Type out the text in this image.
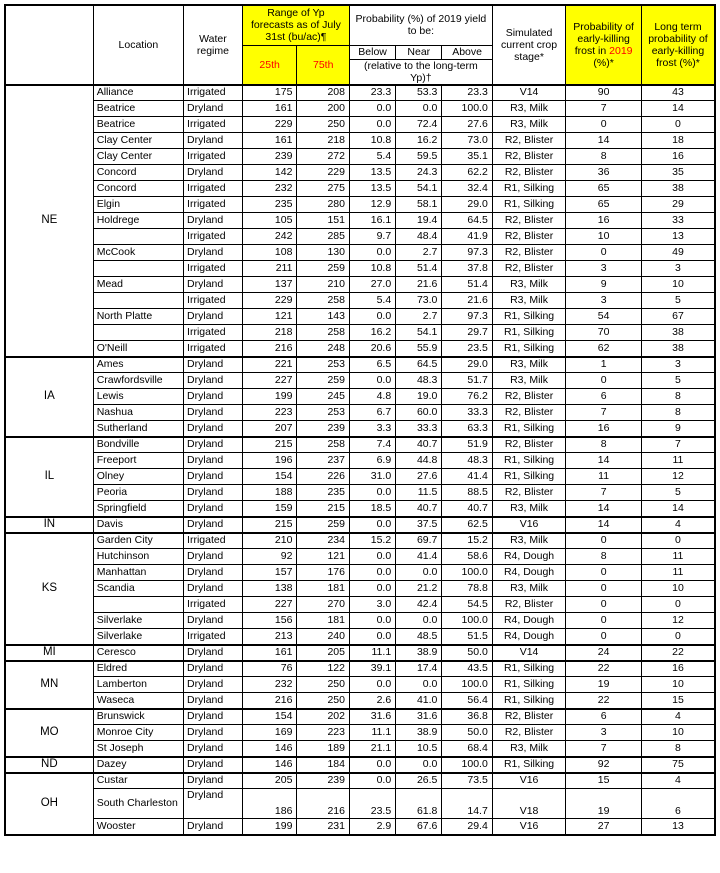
	Location	Water regime	Range of Yp forecasts as of July 31st (bu/ac)¶		Probability (%) of 2019 yield to be:			Simulated current crop stage*	Probability of early-killing frost in 2019 (%)*	Long term probability of early-killing frost (%)*
			25th	75th	Below	Near	Above			
					(relative to the long-term Yp)†					
NE	Alliance	Irrigated	175	208	23.3	53.3	23.3	V14	90	43
	Beatrice	Dryland	161	200	0.0	0.0	100.0	R3, Milk	7	14
	Beatrice	Irrigated	229	250	0.0	72.4	27.6	R3, Milk	0	0
	Clay Center	Dryland	161	218	10.8	16.2	73.0	R2, Blister	14	18
	Clay Center	Irrigated	239	272	5.4	59.5	35.1	R2, Blister	8	16
	Concord	Dryland	142	229	13.5	24.3	62.2	R2, Blister	36	35
	Concord	Irrigated	232	275	13.5	54.1	32.4	R1, Silking	65	38
	Elgin	Irrigated	235	280	12.9	58.1	29.0	R1, Silking	65	29
	Holdrege	Dryland	105	151	16.1	19.4	64.5	R2, Blister	16	33
		Irrigated	242	285	9.7	48.4	41.9	R2, Blister	10	13
	McCook	Dryland	108	130	0.0	2.7	97.3	R2, Blister	0	49
		Irrigated	211	259	10.8	51.4	37.8	R2, Blister	3	3
	Mead	Dryland	137	210	27.0	21.6	51.4	R3, Milk	9	10
		Irrigated	229	258	5.4	73.0	21.6	R3, Milk	3	5
	North Platte	Dryland	121	143	0.0	2.7	97.3	R1, Silking	54	67
		Irrigated	218	258	16.2	54.1	29.7	R1, Silking	70	38
	O'Neill	Irrigated	216	248	20.6	55.9	23.5	R1, Silking	62	38
IA	Ames	Dryland	221	253	6.5	64.5	29.0	R3, Milk	1	3
	Crawfordsville	Dryland	227	259	0.0	48.3	51.7	R3, Milk	0	5
	Lewis	Dryland	199	245	4.8	19.0	76.2	R2, Blister	6	8
	Nashua	Dryland	223	253	6.7	60.0	33.3	R2, Blister	7	8
	Sutherland	Dryland	207	239	3.3	33.3	63.3	R1, Silking	16	9
IL	Bondville	Dryland	215	258	7.4	40.7	51.9	R2, Blister	8	7
	Freeport	Dryland	196	237	6.9	44.8	48.3	R1, Silking	14	11
	Olney	Dryland	154	226	31.0	27.6	41.4	R1, Silking	11	12
	Peoria	Dryland	188	235	0.0	11.5	88.5	R2, Blister	7	5
	Springfield	Dryland	159	215	18.5	40.7	40.7	R3, Milk	14	14
IN	Davis	Dryland	215	259	0.0	37.5	62.5	V16	14	4
KS	Garden City	Irrigated	210	234	15.2	69.7	15.2	R3, Milk	0	0
	Hutchinson	Dryland	92	121	0.0	41.4	58.6	R4, Dough	8	11
	Manhattan	Dryland	157	176	0.0	0.0	100.0	R4, Dough	0	11
	Scandia	Dryland	138	181	0.0	21.2	78.8	R3, Milk	0	10
		Irrigated	227	270	3.0	42.4	54.5	R2, Blister	0	0
	Silverlake	Dryland	156	181	0.0	0.0	100.0	R4, Dough	0	12
	Silverlake	Irrigated	213	240	0.0	48.5	51.5	R4, Dough	0	0
MI	Ceresco	Dryland	161	205	11.1	38.9	50.0	V14	24	22
MN	Eldred	Dryland	76	122	39.1	17.4	43.5	R1, Silking	22	16
	Lamberton	Dryland	232	250	0.0	0.0	100.0	R1, Silking	19	10
	Waseca	Dryland	216	250	2.6	41.0	56.4	R1, Silking	22	15
MO	Brunswick	Dryland	154	202	31.6	31.6	36.8	R2, Blister	6	4
	Monroe City	Dryland	169	223	11.1	38.9	50.0	R2, Blister	3	10
	St Joseph	Dryland	146	189	21.1	10.5	68.4	R3, Milk	7	8
ND	Dazey	Dryland	146	184	0.0	0.0	100.0	R1, Silking	92	75
OH	Custar	Dryland	205	239	0.0	26.5	73.5	V16	15	4
	South Charleston	Dryland	186	216	23.5	61.8	14.7	V18	19	6
	Wooster	Dryland	199	231	2.9	67.6	29.4	V16	27	13
